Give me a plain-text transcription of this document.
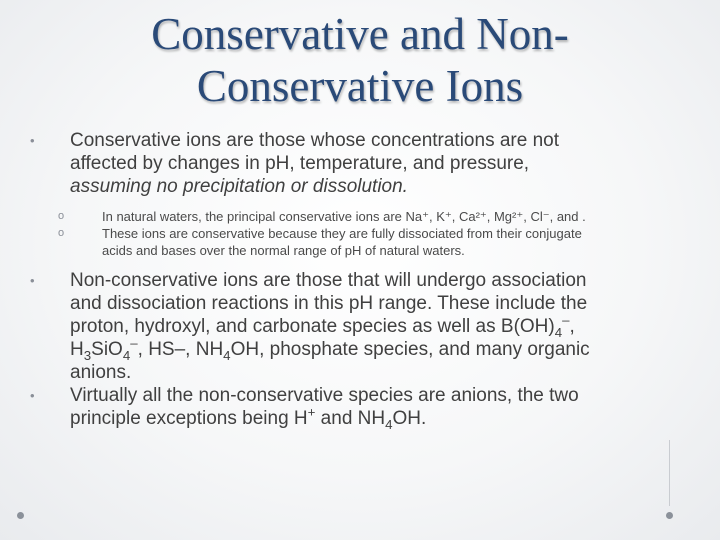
Conservative and Non-
Conservative Ions
• Conservative ions are those whose concentrations are not
affected by changes in pH, temperature, and pressure,
assuming no precipitation or dissolution.
o	In natural waters, the principal conservative ions are Na⁺, K⁺, Ca²⁺, Mg²⁺, Cl⁻, and .
o	These ions are conservative because they are fully dissociated from their conjugate
acids and bases over the normal range of pH of natural waters.
• Non-conservative ions are those that will undergo association
and dissociation reactions in this pH range. These include the
proton, hydroxyl, and carbonate species as well as $B(OH)_4^-$,
$H_3SiO_4^-$, HS–, $NH_4OH$, phosphate species, and many organic
anions.
• Virtually all the non-conservative species are anions, the two
principle exceptions being H+ and $NH_4OH$.
